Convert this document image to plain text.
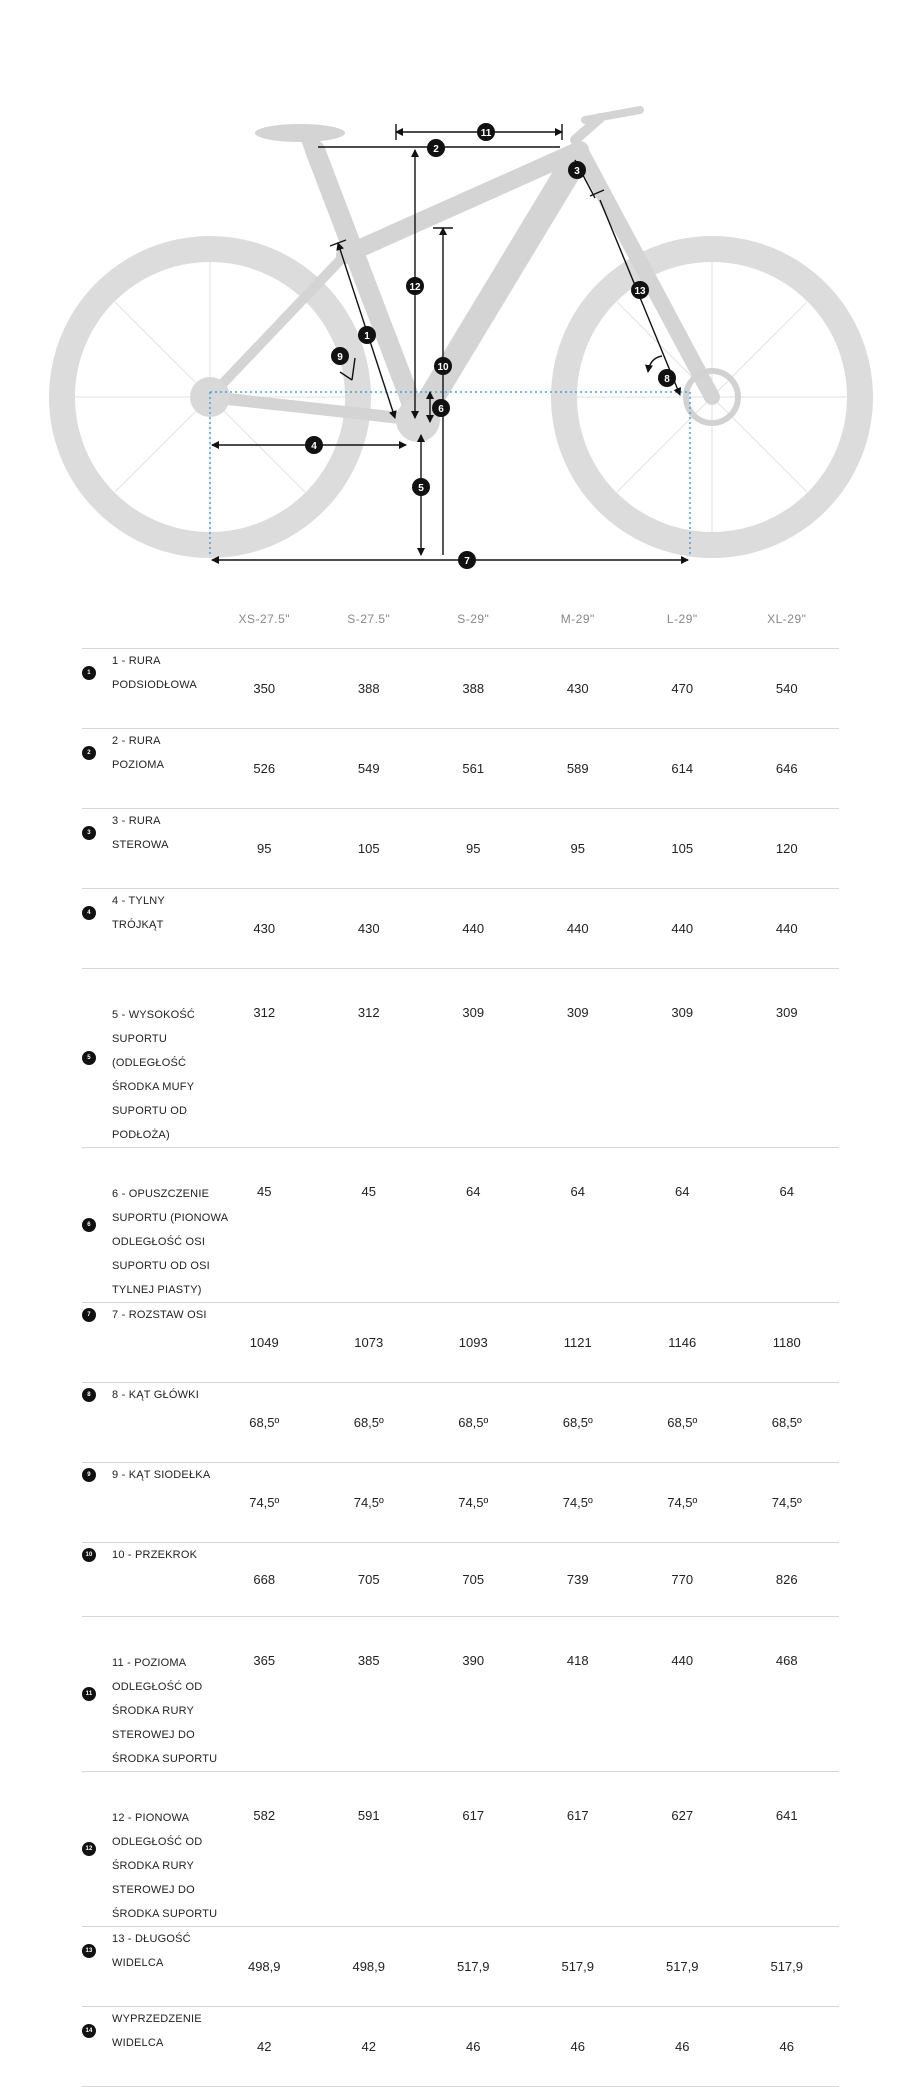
11
2
3
12	13
1
9
10
8
6
4
5
7
	XS-27.5"	S-27.5"	S-29"	M-29"	L-29"	XL-29"

1
1 - RURA PODSIODŁOWA	350	388	388	430	470	540

2
2 - RURA POZIOMA	526	549	561	589	614	646

3
3 - RURA STEROWA	95	105	95	95	105	120

4
4 - TYLNY TRÓJKĄT	430	430	440	440	440	440

5
5 - WYSOKOŚĆ SUPORTU (ODLEGŁOŚĆ ŚRODKA MUFY SUPORTU OD PODŁOŻA)	312	312	309	309	309	309

6
6 - OPUSZCZENIE SUPORTU (PIONOWA ODLEGŁOŚĆ OSI SUPORTU OD OSI TYLNEJ PIASTY)	45	45	64	64	64	64

7 7 - ROZSTAW OSI	1049	1073	1093	1121	1146	1180

8 8 - KĄT GŁÓWKI	68,5º	68,5º	68,5º	68,5º	68,5º	68,5º

9 9 - KĄT SIODEŁKA	74,5º	74,5º	74,5º	74,5º	74,5º	74,5º

10 10 - PRZEKROK	668	705	705	739	770	826

11
11 - POZIOMA ODLEGŁOŚĆ OD ŚRODKA RURY STEROWEJ DO ŚRODKA SUPORTU	365	385	390	418	440	468

12
12 - PIONOWA ODLEGŁOŚĆ OD ŚRODKA RURY STEROWEJ DO ŚRODKA SUPORTU	582	591	617	617	627	641

13
13 - DŁUGOŚĆ WIDELCA	498,9	498,9	517,9	517,9	517,9	517,9

14
WYPRZEDZENIE WIDELCA	42	42	46	46	46	46
